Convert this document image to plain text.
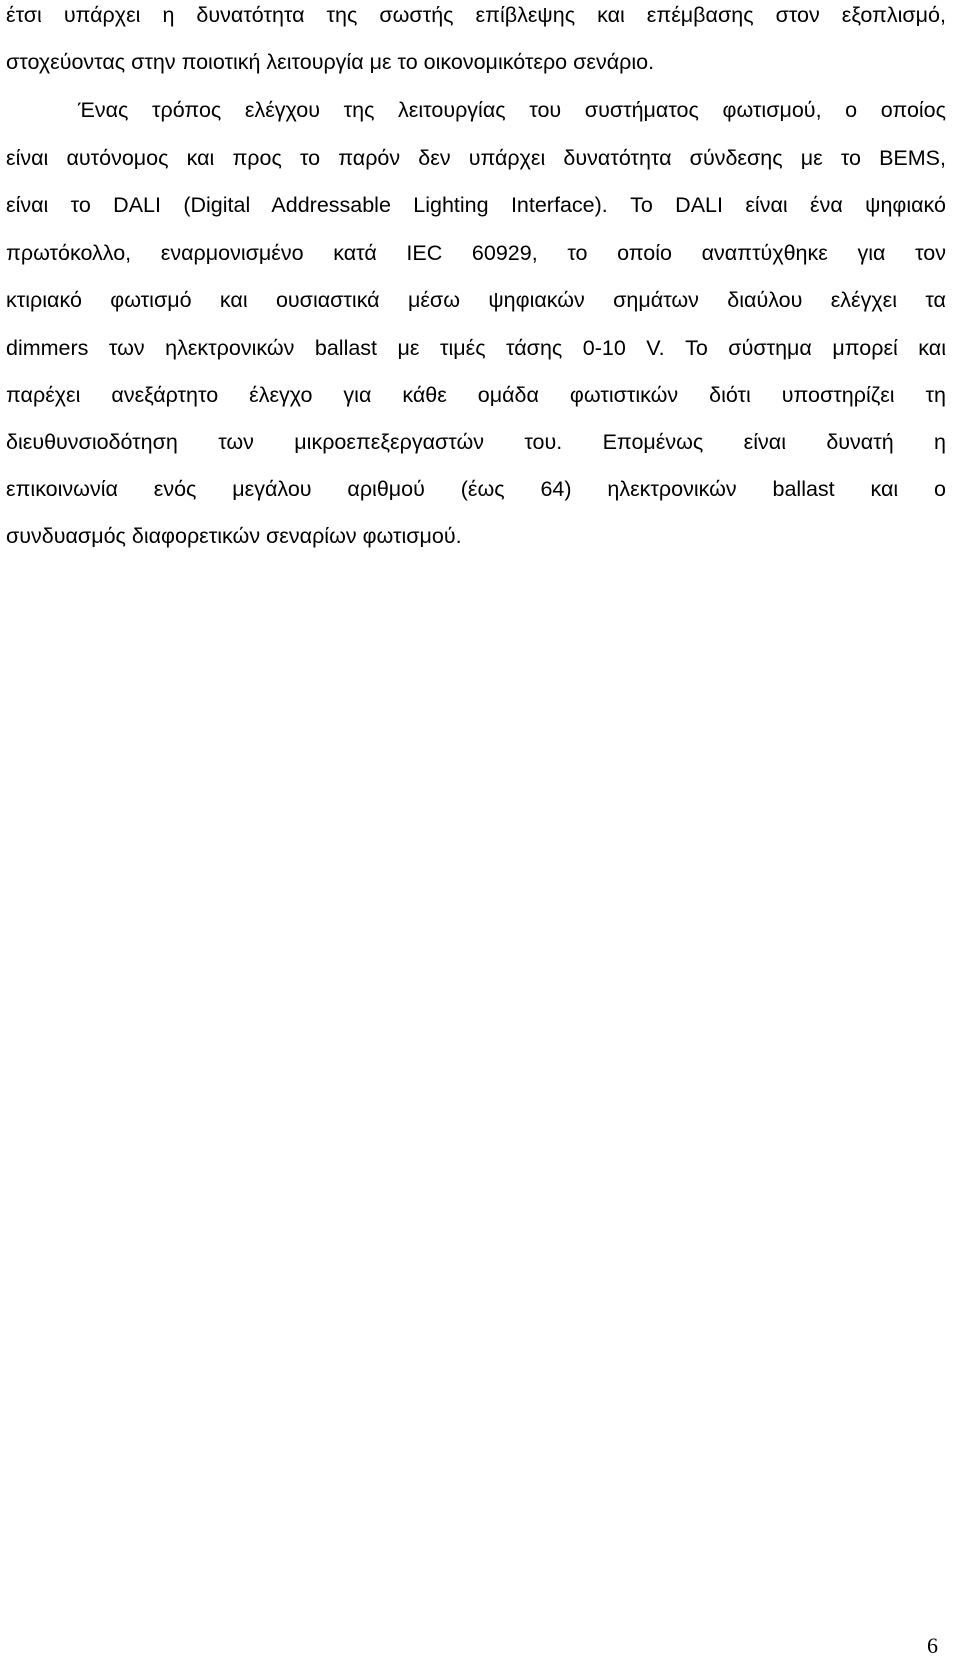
έτσι υπάρχει η δυνατότητα της σωστής επίβλεψης και επέμβασης στον εξοπλισμό,
στοχεύοντας στην ποιοτική λειτουργία με το οικονομικότερο σενάριο.
Ένας τρόπος ελέγχου της λειτουργίας του συστήματος φωτισμού, ο οποίος
είναι αυτόνομος και προς το παρόν δεν υπάρχει δυνατότητα σύνδεσης με το BEMS,
είναι το DALI (Digital Addressable Lighting Interface). Το DALI είναι ένα ψηφιακό
πρωτόκολλο, εναρμονισμένο κατά IEC 60929, το οποίο αναπτύχθηκε για τον
κτιριακό φωτισμό και ουσιαστικά μέσω ψηφιακών σημάτων διαύλου ελέγχει τα
dimmers των ηλεκτρονικών ballast με τιμές τάσης 0-10 V. Το σύστημα μπορεί και
παρέχει ανεξάρτητο έλεγχο για κάθε ομάδα φωτιστικών διότι υποστηρίζει τη
διευθυνσιοδότηση των μικροεπεξεργαστών του. Επομένως είναι δυνατή η
επικοινωνία ενός μεγάλου αριθμού (έως 64) ηλεκτρονικών ballast και ο
συνδυασμός διαφορετικών σεναρίων φωτισμού.
6
